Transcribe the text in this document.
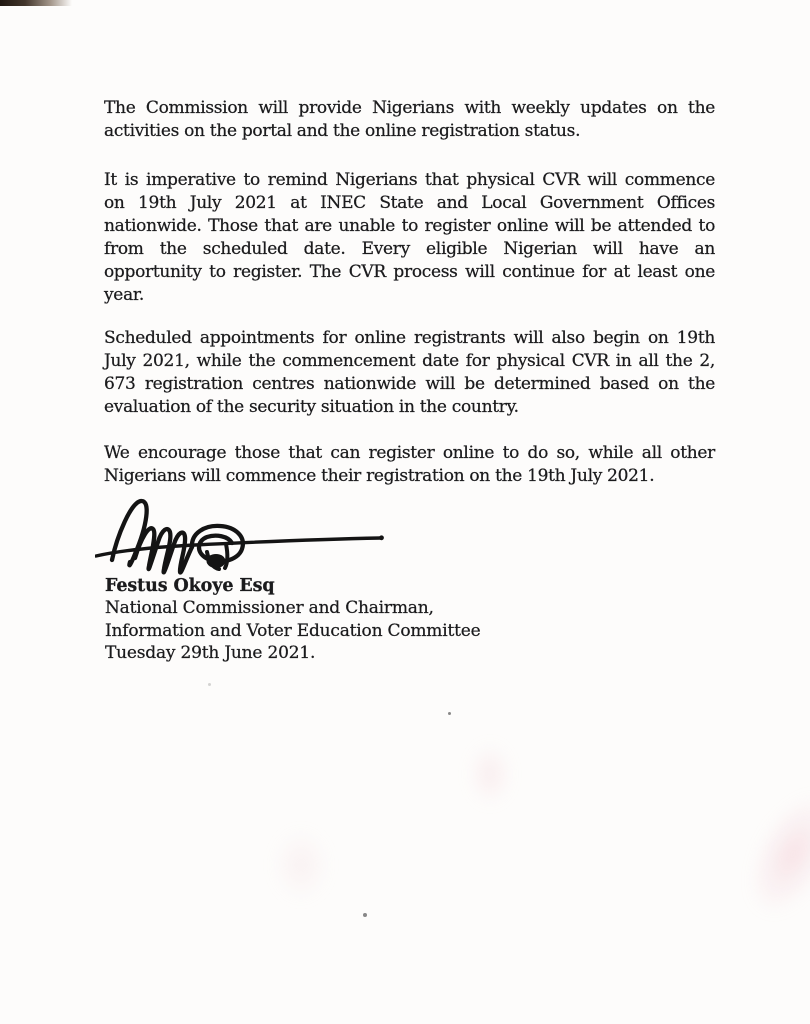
The Commission will provide Nigerians with weekly updates on the
activities on the portal and the online registration status.
It is imperative to remind Nigerians that physical CVR will commence
on 19th July 2021 at INEC State and Local Government Offices
nationwide. Those that are unable to register online will be attended to
from the scheduled date. Every eligible Nigerian will have an
opportunity to register. The CVR process will continue for at least one
year.
Scheduled appointments for online registrants will also begin on 19th
July 2021, while the commencement date for physical CVR in all the 2,
673 registration centres nationwide will be determined based on the
evaluation of the security situation in the country.
We encourage those that can register online to do so, while all other
Nigerians will commence their registration on the 19th July 2021.
Festus Okoye Esq
National Commissioner and Chairman,
Information and Voter Education Committee
Tuesday 29th June 2021.
